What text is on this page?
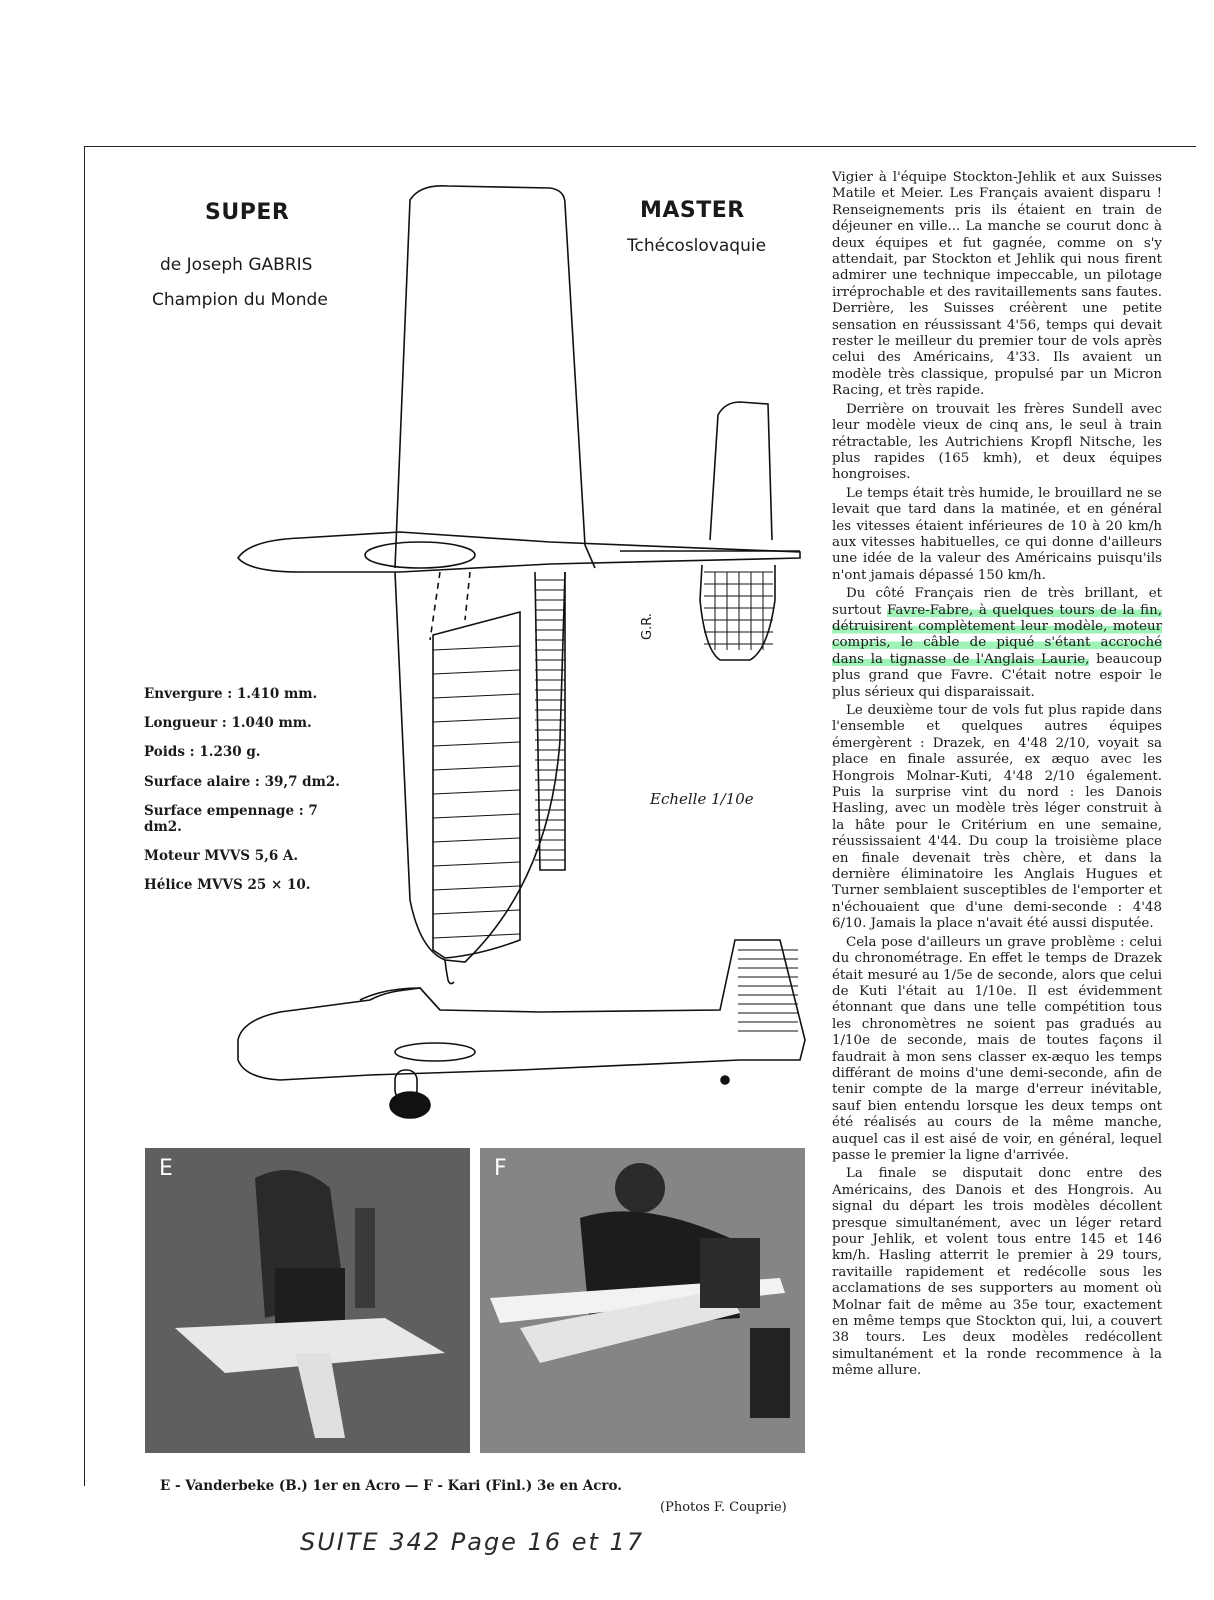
SUPER	MASTER
de Joseph GABRIS
Champion du Monde
Tchécoslovaquie
G.R.
Echelle 1/10e
Envergure : 1.410 mm.
Longueur : 1.040 mm.
Poids : 1.230 g.
Surface alaire : 39,7 dm2.
Surface empennage : 7 dm2.
Moteur MVVS 5,6 A.
Hélice MVVS 25 × 10.
E	F
E - Vanderbeke (B.) 1er en Acro — F - Kari (Finl.) 3e en Acro.
(Photos F. Couprie)

Vigier à l'équipe Stockton-Jehlik et aux Suisses Matile et Meier. Les Français avaient disparu ! Renseignements pris ils étaient en train de déjeuner en ville... La manche se courut donc à deux équipes et fut gagnée, comme on s'y attendait, par Stockton et Jehlik qui nous firent admirer une technique impeccable, un pilotage irréprochable et des ravitaillements sans fautes. Derrière, les Suisses créèrent une petite sensation en réussissant 4'56, temps qui devait rester le meilleur du premier tour de vols après celui des Américains, 4'33. Ils avaient un modèle très classique, propulsé par un Micron Racing, et très rapide.

Derrière on trouvait les frères Sundell avec leur modèle vieux de cinq ans, le seul à train rétractable, les Autrichiens Kropfl Nitsche, les plus rapides (165 kmh), et deux équipes hongroises.

Le temps était très humide, le brouillard ne se levait que tard dans la matinée, et en général les vitesses étaient inférieures de 10 à 20 km/h aux vitesses habituelles, ce qui donne d'ailleurs une idée de la valeur des Américains puisqu'ils n'ont jamais dépassé 150 km/h.

Du côté Français rien de très brillant, et surtout Favre-Fabre, à quelques tours de la fin, détruisirent complètement leur modèle, moteur compris, le câble de piqué s'étant accroché dans la tignasse de l'Anglais Laurie, beaucoup plus grand que Favre. C'était notre espoir le plus sérieux qui disparaissait.

Le deuxième tour de vols fut plus rapide dans l'ensemble et quelques autres équipes émergèrent : Drazek, en 4'48 2/10, voyait sa place en finale assurée, ex æquo avec les Hongrois Molnar-Kuti, 4'48 2/10 également. Puis la surprise vint du nord : les Danois Hasling, avec un modèle très léger construit à la hâte pour le Critérium en une semaine, réussissaient 4'44. Du coup la troisième place en finale devenait très chère, et dans la dernière éliminatoire les Anglais Hugues et Turner semblaient susceptibles de l'emporter et n'échouaient que d'une demi-seconde : 4'48 6/10. Jamais la place n'avait été aussi disputée.

Cela pose d'ailleurs un grave problème : celui du chronométrage. En effet le temps de Drazek était mesuré au 1/5e de seconde, alors que celui de Kuti l'était au 1/10e. Il est évidemment étonnant que dans une telle compétition tous les chronomètres ne soient pas gradués au 1/10e de seconde, mais de toutes façons il faudrait à mon sens classer ex-æquo les temps différant de moins d'une demi-seconde, afin de tenir compte de la marge d'erreur inévitable, sauf bien entendu lorsque les deux temps ont été réalisés au cours de la même manche, auquel cas il est aisé de voir, en général, lequel passe le premier la ligne d'arrivée.

La finale se disputait donc entre des Américains, des Danois et des Hongrois. Au signal du départ les trois modèles décollent presque simultanément, avec un léger retard pour Jehlik, et volent tous entre 145 et 146 km/h. Hasling atterrit le premier à 29 tours, ravitaille rapidement et redécolle sous les acclamations de ses supporters au moment où Molnar fait de même au 35e tour, exactement en même temps que Stockton qui, lui, a couvert 38 tours. Les deux modèles redécollent simultanément et la ronde recommence à la même allure.

SUITE 342 Page 16 et 17
